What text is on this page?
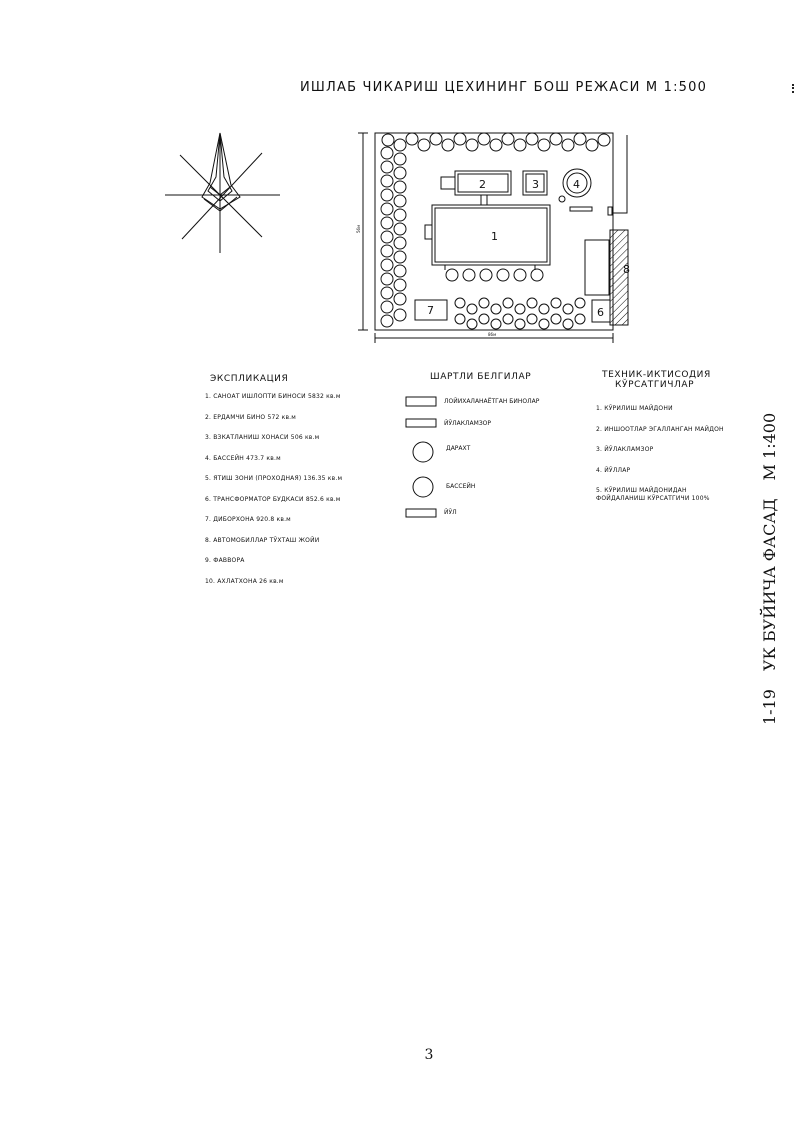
ИШЛАБ ЧИКАРИШ ЦЕХИНИНГ БОШ РЕЖАСИ М 1:500
1
2	3	4
6
7
8
86м
56м
ЭКСПЛИКАЦИЯ
1. САНОАТ ИШЛОПТИ БИНОСИ 5832 кв.м
2. ЕРДАМЧИ БИНО 572 кв.м
3. ВЗКАТЛАНИШ ХОНАСИ 506 кв.м
4. БАССЕЙН 473.7 кв.м
5. ЯТИШ ЗОНИ (ПРОХОДНАЯ) 136.35 кв.м
6. ТРАНСФОРМАТОР БУДКАСИ 852.6 кв.м
7. ДИБОРХОНА 920.8 кв.м
8. АВТОМОБИЛЛАР ТЎХТАШ ЖОЙИ
9. ФАВВОРА
10. АХЛАТХОНА 26 кв.м
ШАРТЛИ БЕЛГИЛАР
ЛОЙИХАЛАНАЁТГАН БИНОЛАР
ЙЎЛАКЛАМЗОР
ДАРАХТ
БАССЕЙН
ЙЎЛ
ТЕХНИК-ИКТИСОДИЯ
КЎРСАТГИЧЛАР
1. КЎРИЛИШ МАЙДОНИ
2. ИНШООТЛАР ЭГАЛЛАНГАН МАЙДОН
3. ЙЎЛАКЛАМЗОР
4. ЙЎЛЛАР
5. КЎРИЛИШ МАЙДОНИДАН
ФОЙДАЛАНИШ КЎРСАТГИЧИ 100%
1-19УК БУЙИЧА ФАСАДМ 1:400
3
